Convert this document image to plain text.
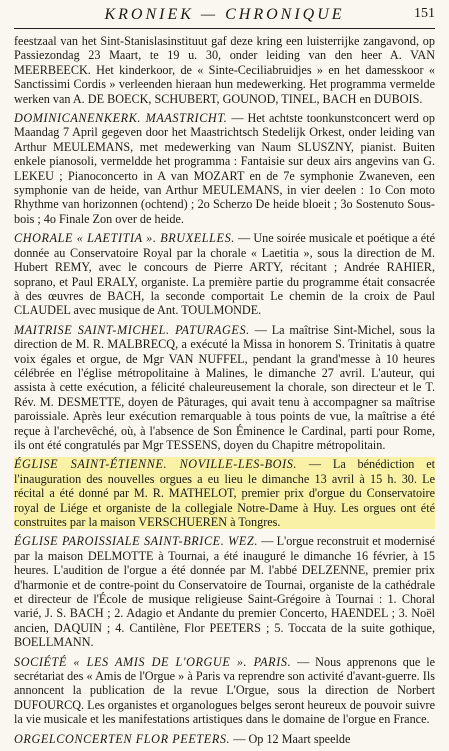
KRONIEK — CHRONIQUE	151

feestzaal van het Sint-Stanislasinstituut gaf deze kring een luisterrijke zangavond, op Passiezondag 23 Maart, te 19 u. 30, onder leiding van den heer A. VAN MEERBEECK. Het kinderkoor, de « Sinte-Ceciliabruidjes » en het damesskoor « Sanctissimi Cordis » verleenden hieraan hun medewerking. Het programma vermelde werken van A. DE BOECK, SCHUBERT, GOUNOD, TINEL, BACH en DUBOIS.

DOMINICANENKERK. MAASTRICHT. — Het achtste toonkunstconcert werd op Maandag 7 April gegeven door het Maastrichtsch Stedelijk Orkest, onder leiding van Arthur MEULEMANS, met medewerking van Naum SLUSZNY, pianist. Buiten enkele pianosoli, vermeldde het programma : Fantaisie sur deux airs angevins van G. LEKEU ; Pianoconcerto in A van MOZART en de 7e symphonie Zwaneven, een symphonie van de heide, van Arthur MEULEMANS, in vier deelen : 1o Con moto Rhythme van horizonnen (ochtend) ; 2o Scherzo De heide bloeit ; 3o Sostenuto Sous-bois ; 4o Finale Zon over de heide.

CHORALE « LAETITIA ». BRUXELLES. — Une soirée musicale et poétique a été donnée au Conservatoire Royal par la chorale « Laetitia », sous la direction de M. Hubert REMY, avec le concours de Pierre ARTY, récitant ; Andrée RAHIER, soprano, et Paul ERALY, organiste. La première partie du programme était consacrée à des œuvres de BACH, la seconde comportait Le chemin de la croix de Paul CLAUDEL avec musique de Ant. TOULMONDE.

MAITRISE SAINT-MICHEL. PATURAGES. — La maîtrise Sint-Michel, sous la direction de M. R. MALBRECQ, a exécuté la Missa in honorem S. Trinitatis à quatre voix égales et orgue, de Mgr VAN NUFFEL, pendant la grand'messe à 10 heures célébrée en l'église métropolitaine à Malines, le dimanche 27 avril. L'auteur, qui assista à cette exécution, a félicité chaleureusement la chorale, son directeur et le T. Rév. M. DESMETTE, doyen de Pâturages, qui avait tenu à accompagner sa maîtrise paroissiale. Après leur exécution remarquable à tous points de vue, la maîtrise a été reçue à l'archevêché, où, à l'absence de Son Éminence le Cardinal, parti pour Rome, ils ont été congratulés par Mgr TESSENS, doyen du Chapitre métropolitain.

ÉGLISE SAINT-ÉTIENNE. NOVILLE-LES-BOIS. — La bénédiction et l'inauguration des nouvelles orgues a eu lieu le dimanche 13 avril à 15 h. 30. Le récital a été donné par M. R. MATHELOT, premier prix d'orgue du Conservatoire royal de Liége et organiste de la collegiale Notre-Dame à Huy. Les orgues ont été construites par la maison VERSCHUEREN à Tongres.

ÉGLISE PAROISSIALE SAINT-BRICE. WEZ. — L'orgue reconstruit et modernisé par la maison DELMOTTE à Tournai, a été inauguré le dimanche 16 février, à 15 heures. L'audition de l'orgue a été donnée par M. l'abbé DELZENNE, premier prix d'harmonie et de contre-point du Conservatoire de Tournai, organiste de la cathédrale et directeur de l'École de musique religieuse Saint-Grégoire à Tournai : 1. Choral varié, J. S. BACH ; 2. Adagio et Andante du premier Concerto, HAENDEL ; 3. Noël ancien, DAQUIN ; 4. Cantilène, Flor PEETERS ; 5. Toccata de la suite gothique, BOELLMANN.

SOCIÉTÉ « LES AMIS DE L'ORGUE ». PARIS. — Nous apprenons que le secrétariat des « Amis de l'Orgue » à Paris va reprendre son activité d'avant-guerre. Ils annoncent la publication de la revue L'Orgue, sous la direction de Norbert DUFOURCQ. Les organistes et organologues belges seront heureux de pouvoir suivre la vie musicale et les manifestations artistiques dans le domaine de l'orgue en France.

ORGELCONCERTEN FLOR PEETERS. — Op 12 Maart speelde
